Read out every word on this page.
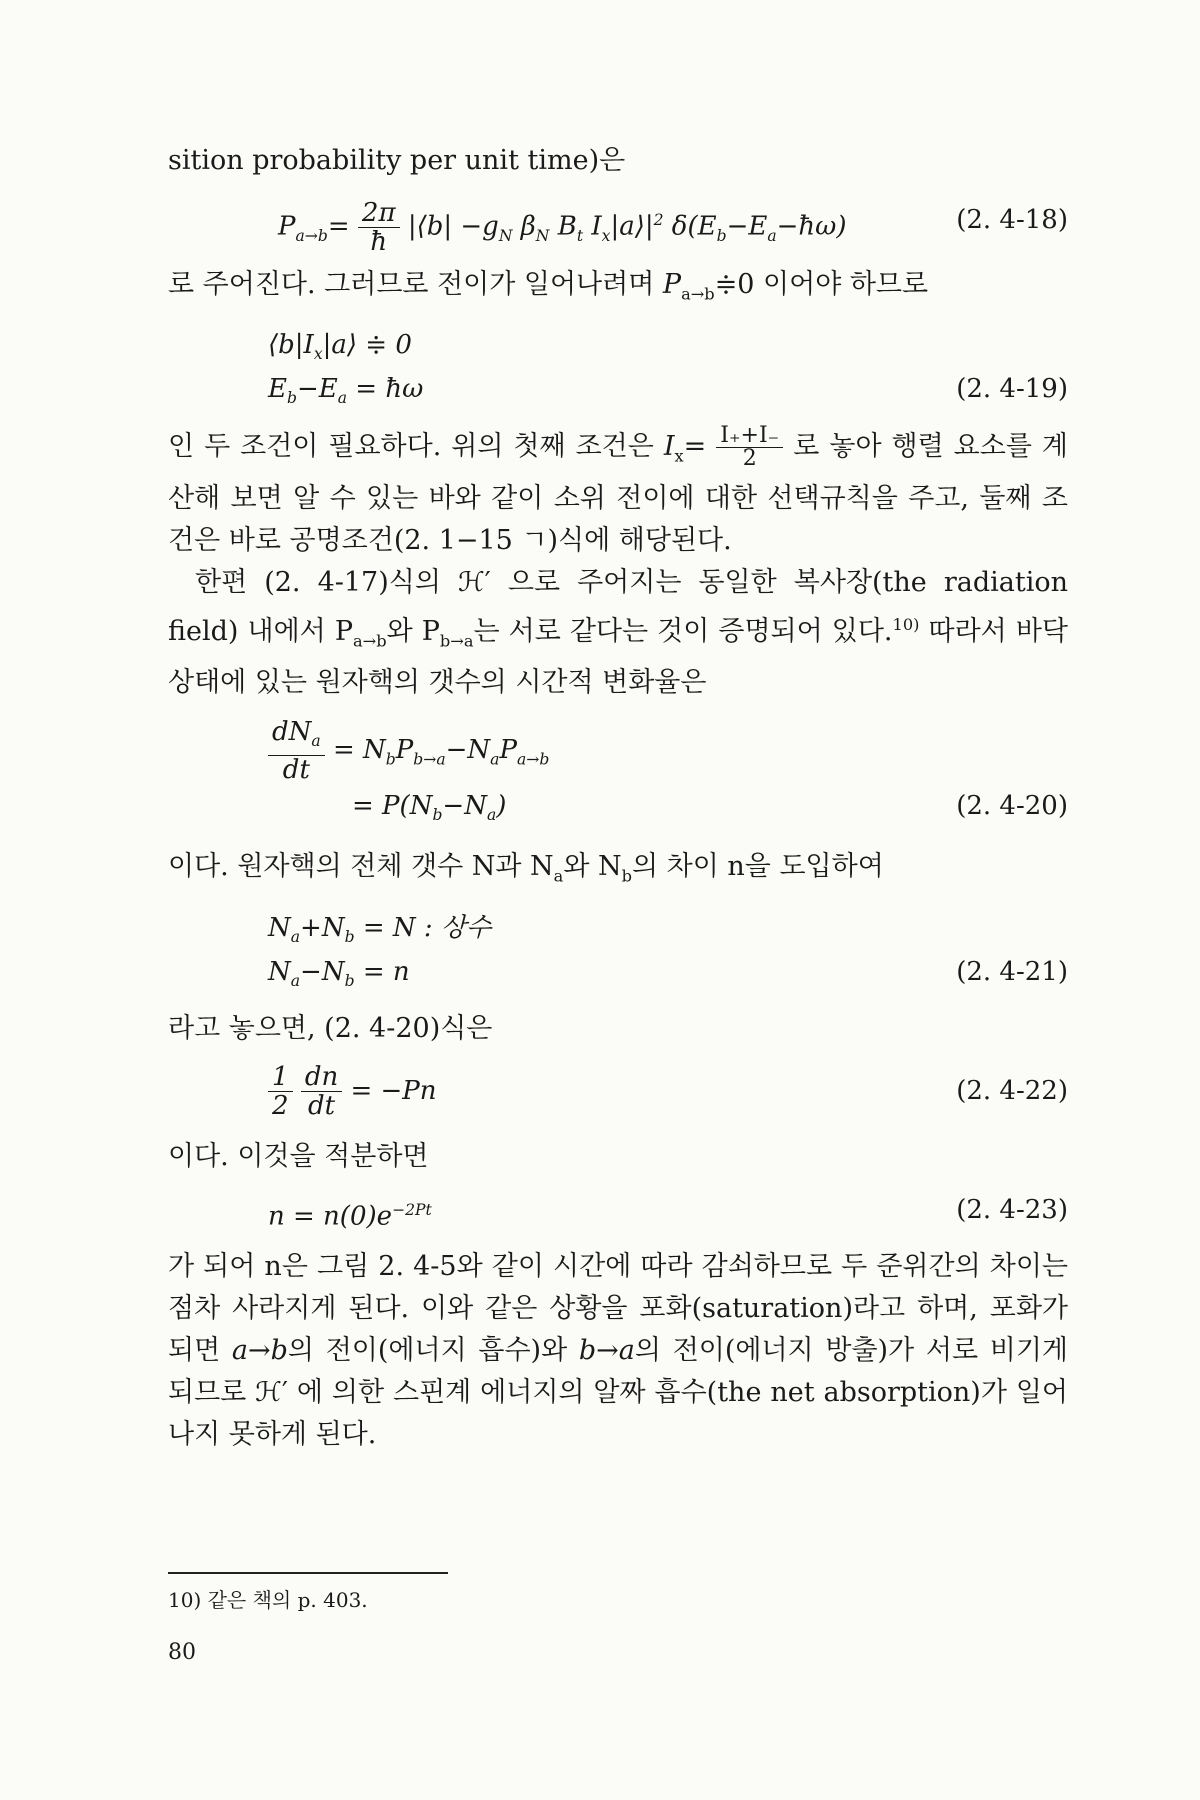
sition probability per unit time)은

$P_{a\to b}= \frac{2\pi}{ħ}$ |⟨b| $-g_N$ $\beta_N$ $B_t$ $I_x|a⟩|^2$ $\delta(E_b-E_a-ħ\omega)$	(2. 4-18)

로 주어진다. 그러므로 전이가 일어나려며 $P_{a\to b}≑0$ 이어야 하므로

$⟨b|I_x|a⟩$ ≑ 0
$E_b-E_a$ = ħω	(2. 4-19)

인 두 조건이 필요하다. 위의 첫째 조건은 $I_x= \frac{I_++I_-}{2}$ 로 놓아 행렬 요소를 계산해 보면 알 수 있는 바와 같이 소위 전이에 대한 선택규칙을 주고, 둘째 조건은 바로 공명조건(2. 1−15 ㄱ)식에 해당된다.

한편 (2. 4-17)식의 ℋ′ 으로 주어지는 동일한 복사장(the radiation field) 내에서 $P_{a\to b}$와 $P_{b\to a}$는 서로 같다는 것이 증명되어 있다.$^{10)}$ 따라서 바닥상태에 있는 원자핵의 갯수의 시간적 변화율은

$\frac{dN_a}{dt} = N_bP_{b\to a}-N_aP_{a\to b}$
= $P(N_b-N_a)$	(2. 4-20)

이다. 원자핵의 전체 갯수 N과 $N_a$와 $N_b$의 차이 n을 도입하여

$N_a+N_b = N$ : 상수
$N_a-N_b = n$	(2. 4-21)

라고 놓으면, (2. 4-20)식은

$\frac{1}{2}$
$\frac{dn}{dt} = -Pn$	(2. 4-22)

이다. 이것을 적분하면

$n = n(0)e^{-2Pt}$	(2. 4-23)

가 되어 n은 그림 2. 4-5와 같이 시간에 따라 감쇠하므로 두 준위간의 차이는 점차 사라지게 된다. 이와 같은 상황을 포화(saturation)라고 하며, 포화가 되면 a→b의 전이(에너지 흡수)와 b→a의 전이(에너지 방출)가 서로 비기게 되므로 ℋ′ 에 의한 스핀계 에너지의 알짜 흡수(the net absorption)가 일어나지 못하게 된다.

10) 같은 책의 p. 403.
80
